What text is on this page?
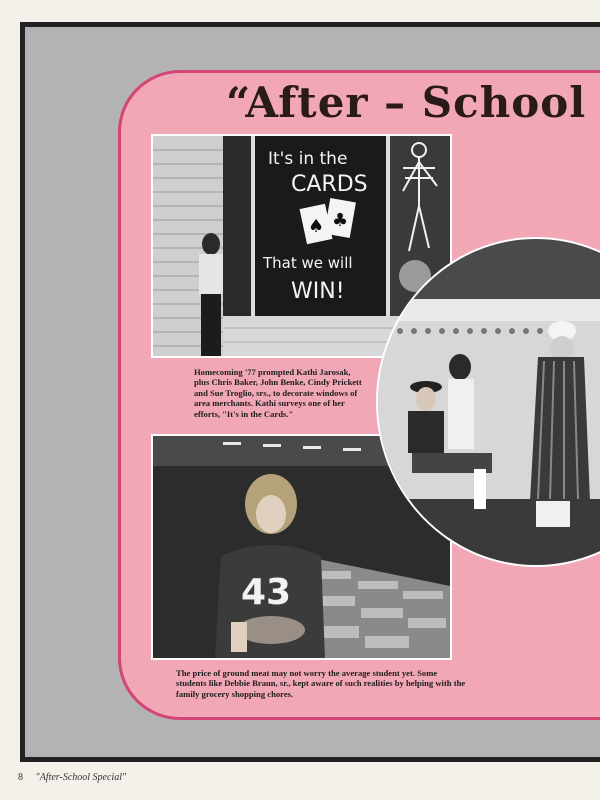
“After – School
It's in the
CARDS
♠ ♣
That we will
WIN!

Homecoming '77 prompted Kathi Jarosak, plus Chris Baker, John Benke, Cindy Prickett and Sue Troglio, srs., to decorate windows of area merchants. Kathi surveys one of her efforts, "It's in the Cards."

43

The price of ground meat may not worry the average student yet. Some students like Debbie Braun, sr., kept aware of such realities by helping with the family grocery shopping chores.

8 "After-School Special"
